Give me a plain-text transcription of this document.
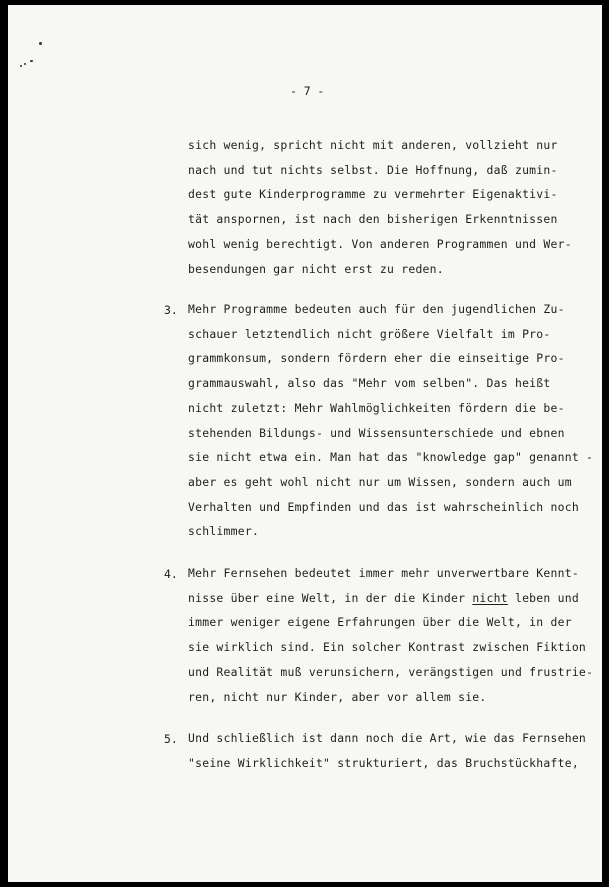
- 7 -
sich wenig, spricht nicht mit anderen, vollzieht nur
nach und tut nichts selbst. Die Hoffnung, daß zumin-
dest gute Kinderprogramme zu vermehrter Eigenaktivi-
tät anspornen, ist nach den bisherigen Erkenntnissen
wohl wenig berechtigt. Von anderen Programmen und Wer-
besendungen gar nicht erst zu reden.
3. Mehr Programme bedeuten auch für den jugendlichen Zu-
schauer letztendlich nicht größere Vielfalt im Pro-
grammkonsum, sondern fördern eher die einseitige Pro-
grammauswahl, also das "Mehr vom selben". Das heißt
nicht zuletzt: Mehr Wahlmöglichkeiten fördern die be-
stehenden Bildungs- und Wissensunterschiede und ebnen
sie nicht etwa ein. Man hat das "knowledge gap" genannt -
aber es geht wohl nicht nur um Wissen, sondern auch um
Verhalten und Empfinden und das ist wahrscheinlich noch
schlimmer.
4. Mehr Fernsehen bedeutet immer mehr unverwertbare Kennt-
nisse über eine Welt, in der die Kinder nicht leben und
immer weniger eigene Erfahrungen über die Welt, in der
sie wirklich sind. Ein solcher Kontrast zwischen Fiktion
und Realität muß verunsichern, verängstigen und frustrie-
ren, nicht nur Kinder, aber vor allem sie.
5. Und schließlich ist dann noch die Art, wie das Fernsehen
"seine Wirklichkeit" strukturiert, das Bruchstückhafte,
